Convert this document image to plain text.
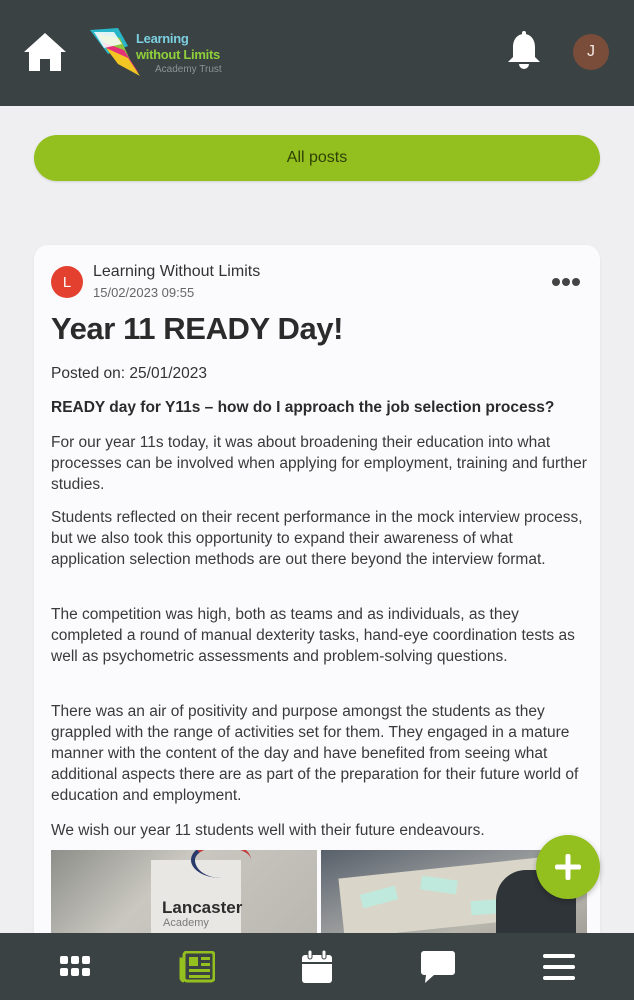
Learning
without Limits
Academy Trust
J
All posts
L
Learning Without Limits
15/02/2023 09:55
Year 11 READY Day!
Posted on: 25/01/2023
READY day for Y11s – how do I approach the job selection process?

For our year 11s today, it was about broadening their education into what processes can be involved when applying for employment, training and further studies.

Students reflected on their recent performance in the mock interview process, but we also took this opportunity to expand their awareness of what application selection methods are out there beyond the interview format.

The competition was high, both as teams and as individuals, as they completed a round of manual dexterity tasks, hand-eye coordination tests as well as psychometric assessments and problem-solving questions.

There was an air of positivity and purpose amongst the students as they grappled with the range of activities set for them. They engaged in a mature manner with the content of the day and have benefited from seeing what additional aspects there are as part of the preparation for their future world of education and employment.

We wish our year 11 students well with their future endeavours.

Lancaster
Academy
